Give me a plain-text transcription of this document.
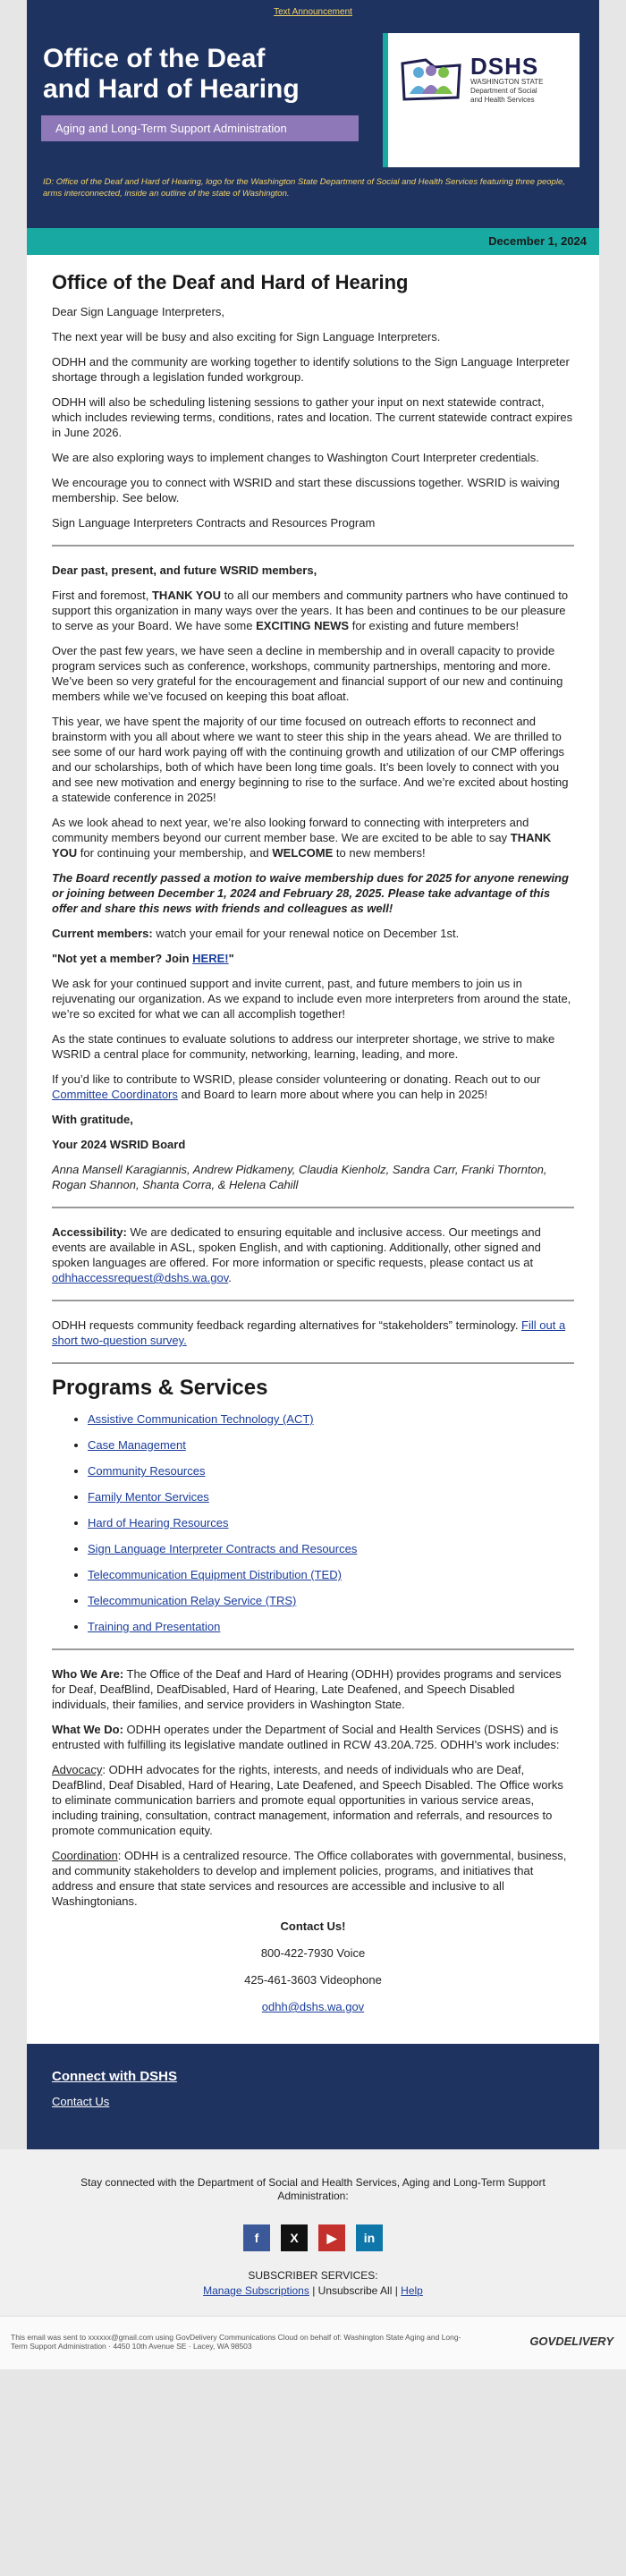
Text Announcement
Office of the Deaf
and Hard of Hearing
Aging and Long-Term Support Administration
DSHS
WASHINGTON STATE
Department of Social
and Health Services
ID: Office of the Deaf and Hard of Hearing, logo for the Washington State Department of Social and Health Services featuring three people, arms interconnected, inside an outline of the state of Washington.
December 1, 2024
Office of the Deaf and Hard of Hearing

Dear Sign Language Interpreters,

The next year will be busy and also exciting for Sign Language Interpreters.

ODHH and the community are working together to identify solutions to the Sign Language Interpreter shortage through a legislation funded workgroup.

ODHH will also be scheduling listening sessions to gather your input on next statewide contract, which includes reviewing terms, conditions, rates and location. The current statewide contract expires in June 2026.

We are also exploring ways to implement changes to Washington Court Interpreter credentials.

We encourage you to connect with WSRID and start these discussions together. WSRID is waiving membership. See below.

Sign Language Interpreters Contracts and Resources Program

Dear past, present, and future WSRID members,

First and foremost, THANK YOU to all our members and community partners who have continued to support this organization in many ways over the years. It has been and continues to be our pleasure to serve as your Board. We have some EXCITING NEWS for existing and future members!

Over the past few years, we have seen a decline in membership and in overall capacity to provide program services such as conference, workshops, community partnerships, mentoring and more. We’ve been so very grateful for the encouragement and financial support of our new and continuing members while we’ve focused on keeping this boat afloat.

This year, we have spent the majority of our time focused on outreach efforts to reconnect and brainstorm with you all about where we want to steer this ship in the years ahead. We are thrilled to see some of our hard work paying off with the continuing growth and utilization of our CMP offerings and our scholarships, both of which have been long time goals. It’s been lovely to connect with you and see new motivation and energy beginning to rise to the surface. And we’re excited about hosting a statewide conference in 2025!

As we look ahead to next year, we’re also looking forward to connecting with interpreters and community members beyond our current member base. We are excited to be able to say THANK YOU for continuing your membership, and WELCOME to new members!

The Board recently passed a motion to waive membership dues for 2025 for anyone renewing or joining between December 1, 2024 and February 28, 2025. Please take advantage of this offer and share this news with friends and colleagues as well!

Current members: watch your email for your renewal notice on December 1st.

"Not yet a member? Join HERE!"

We ask for your continued support and invite current, past, and future members to join us in rejuvenating our organization. As we expand to include even more interpreters from around the state, we’re so excited for what we can all accomplish together!

As the state continues to evaluate solutions to address our interpreter shortage, we strive to make WSRID a central place for community, networking, learning, leading, and more.

If you’d like to contribute to WSRID, please consider volunteering or donating. Reach out to our Committee Coordinators and Board to learn more about where you can help in 2025!

With gratitude,

Your 2024 WSRID Board

Anna Mansell Karagiannis, Andrew Pidkameny, Claudia Kienholz, Sandra Carr, Franki Thornton, Rogan Shannon, Shanta Corra, & Helena Cahill

Accessibility: We are dedicated to ensuring equitable and inclusive access. Our meetings and events are available in ASL, spoken English, and with captioning. Additionally, other signed and spoken languages are offered. For more information or specific requests, please contact us at odhhaccessrequest@dshs.wa.gov.

ODHH requests community feedback regarding alternatives for “stakeholders” terminology. Fill out a short two-question survey.

Programs & Services
• Assistive Communication Technology (ACT)
• Case Management
• Community Resources
• Family Mentor Services
• Hard of Hearing Resources
• Sign Language Interpreter Contracts and Resources
• Telecommunication Equipment Distribution (TED)
• Telecommunication Relay Service (TRS)
• Training and Presentation

Who We Are: The Office of the Deaf and Hard of Hearing (ODHH) provides programs and services for Deaf, DeafBlind, DeafDisabled, Hard of Hearing, Late Deafened, and Speech Disabled individuals, their families, and service providers in Washington State.

What We Do: ODHH operates under the Department of Social and Health Services (DSHS) and is entrusted with fulfilling its legislative mandate outlined in RCW 43.20A.725. ODHH's work includes:

Advocacy: ODHH advocates for the rights, interests, and needs of individuals who are Deaf, DeafBlind, Deaf Disabled, Hard of Hearing, Late Deafened, and Speech Disabled. The Office works to eliminate communication barriers and promote equal opportunities in various service areas, including training, consultation, contract management, information and referrals, and resources to promote communication equity.

Coordination: ODHH is a centralized resource. The Office collaborates with governmental, business, and community stakeholders to develop and implement policies, programs, and initiatives that address and ensure that state services and resources are accessible and inclusive to all Washingtonians.

Contact Us!

800-422-7930 Voice

425-461-3603 Videophone

odhh@dshs.wa.gov

Connect with DSHS
Contact Us
Stay connected with the Department of Social and Health Services, Aging and Long-Term Support Administration:
f	X	▶	in
SUBSCRIBER SERVICES:
Manage Subscriptions | Unsubscribe All | Help
This email was sent to xxxxxx@gmail.com using GovDelivery Communications Cloud on behalf of: Washington State Aging and Long-Term Support Administration · 4450 10th Avenue SE · Lacey, WA 98503	GOVDELIVERY
